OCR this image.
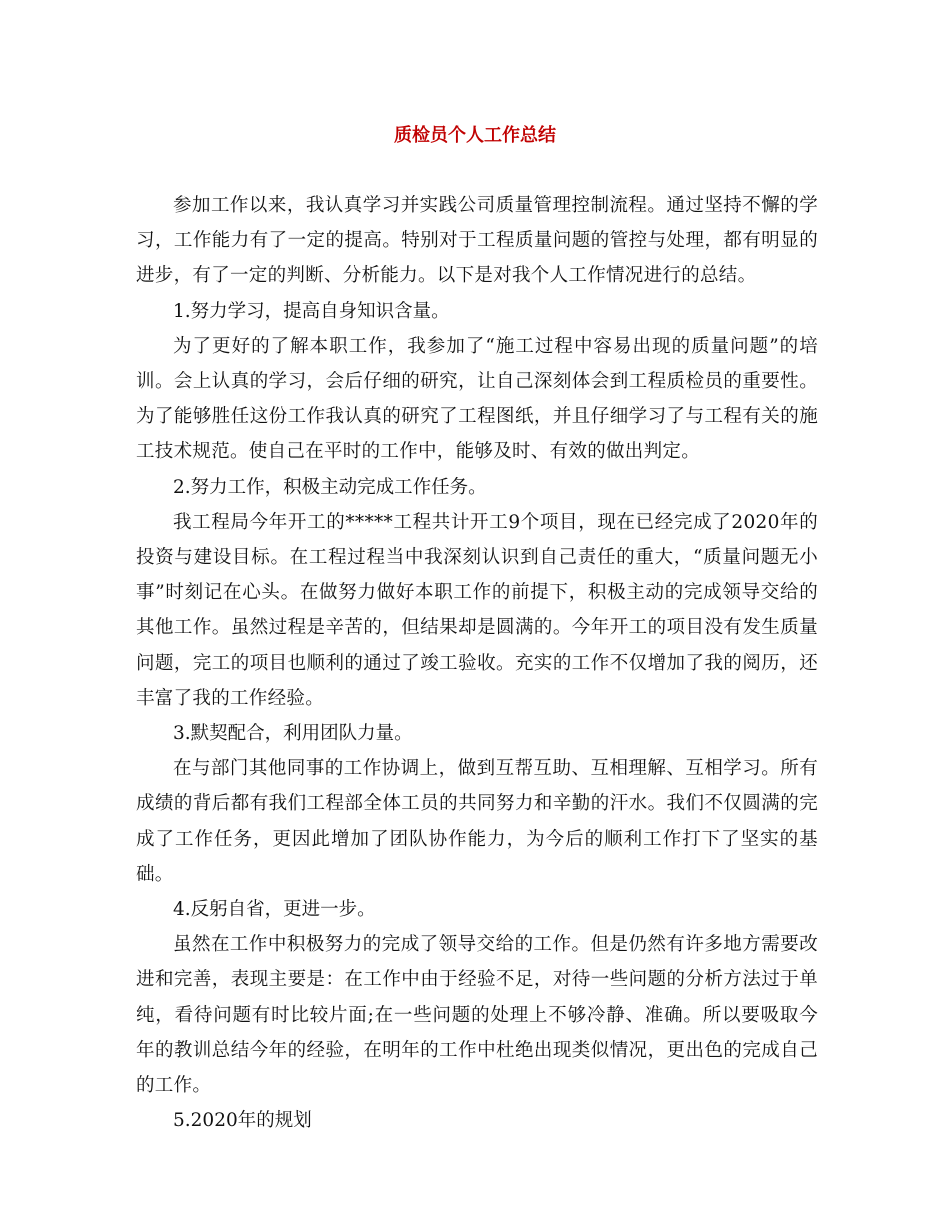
质检员个人工作总结

参加工作以来，我认真学习并实践公司质量管理控制流程。通过坚持不懈的学习，工作能力有了一定的提高。特别对于工程质量问题的管控与处理，都有明显的进步，有了一定的判断、分析能力。以下是对我个人工作情况进行的总结。

1.努力学习，提高自身知识含量。

为了更好的了解本职工作，我参加了“施工过程中容易出现的质量问题”的培训。会上认真的学习，会后仔细的研究，让自己深刻体会到工程质检员的重要性。为了能够胜任这份工作我认真的研究了工程图纸，并且仔细学习了与工程有关的施工技术规范。使自己在平时的工作中，能够及时、有效的做出判定。

2.努力工作，积极主动完成工作任务。

我工程局今年开工的*****工程共计开工9个项目，现在已经完成了2020年的投资与建设目标。在工程过程当中我深刻认识到自己责任的重大，“质量问题无小事”时刻记在心头。在做努力做好本职工作的前提下，积极主动的完成领导交给的其他工作。虽然过程是辛苦的，但结果却是圆满的。今年开工的项目没有发生质量问题，完工的项目也顺利的通过了竣工验收。充实的工作不仅增加了我的阅历，还丰富了我的工作经验。

3.默契配合，利用团队力量。

在与部门其他同事的工作协调上，做到互帮互助、互相理解、互相学习。所有成绩的背后都有我们工程部全体工员的共同努力和辛勤的汗水。我们不仅圆满的完成了工作任务，更因此增加了团队协作能力，为今后的顺利工作打下了坚实的基础。

4.反躬自省，更进一步。

虽然在工作中积极努力的完成了领导交给的工作。但是仍然有许多地方需要改进和完善，表现主要是：在工作中由于经验不足，对待一些问题的分析方法过于单纯，看待问题有时比较片面;在一些问题的处理上不够冷静、准确。所以要吸取今年的教训总结今年的经验，在明年的工作中杜绝出现类似情况，更出色的完成自己的工作。

5.2020年的规划
